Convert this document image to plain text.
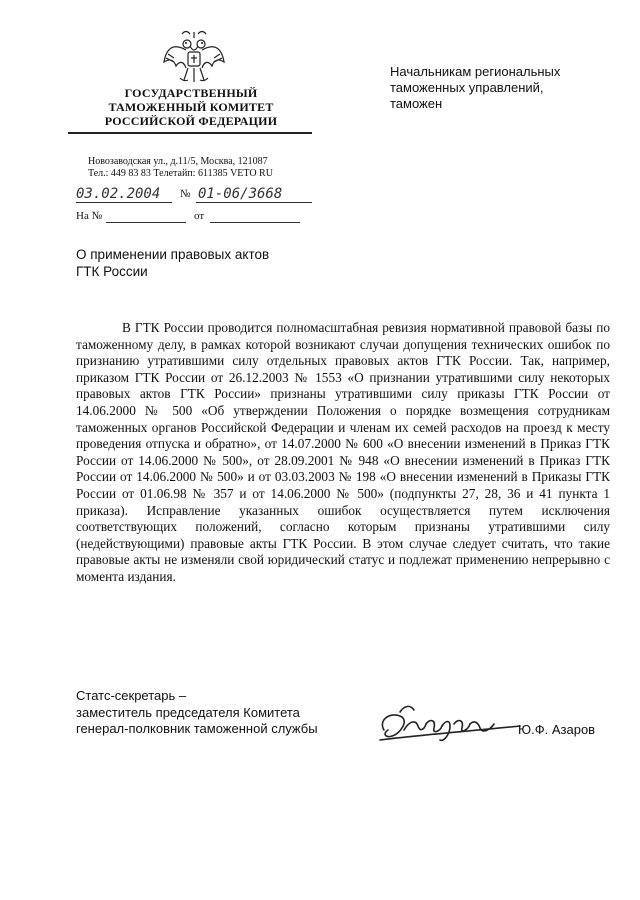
ГОСУДАРСТВЕННЫЙ
ТАМОЖЕННЫЙ КОМИТЕТ
РОССИЙСКОЙ ФЕДЕРАЦИИ
Новозаводская ул., д.11/5, Москва, 121087
Тел.: 449 83 83 Телетайп: 611385 VETO RU
03.02.2004 № 01-06/3668
На №	от
Начальникам региональных
таможенных управлений,
таможен
О применении правовых актов
ГТК России
В ГТК России проводится полномасштабная ревизия нормативной правовой базы по таможенному делу, в рамках которой возникают случаи допущения технических ошибок по признанию утратившими силу отдельных правовых актов ГТК России. Так, например, приказом ГТК России от 26.12.2003 № 1553 «О признании утратившими силу некоторых правовых актов ГТК России» признаны утратившими силу приказы ГТК России от 14.06.2000 № 500 «Об утверждении Положения о порядке возмещения сотрудникам таможенных органов Российской Федерации и членам их семей расходов на проезд к месту проведения отпуска и обратно», от 14.07.2000 № 600 «О внесении изменений в Приказ ГТК России от 14.06.2000 № 500», от 28.09.2001 № 948 «О внесении изменений в Приказ ГТК России от 14.06.2000 № 500» и от 03.03.2003 № 198 «О внесении изменений в Приказы ГТК России от 01.06.98 № 357 и от 14.06.2000 № 500» (подпункты 27, 28, 36 и 41 пункта 1 приказа). Исправление указанных ошибок осуществляется путем исключения соответствующих положений, согласно которым признаны утратившими силу (недействующими) правовые акты ГТК России. В этом случае следует считать, что такие правовые акты не изменяли свой юридический статус и подлежат применению непрерывно с момента издания.
Статс-секретарь –
заместитель председателя Комитета
генерал-полковник таможенной службы	Ю.Ф. Азаров
